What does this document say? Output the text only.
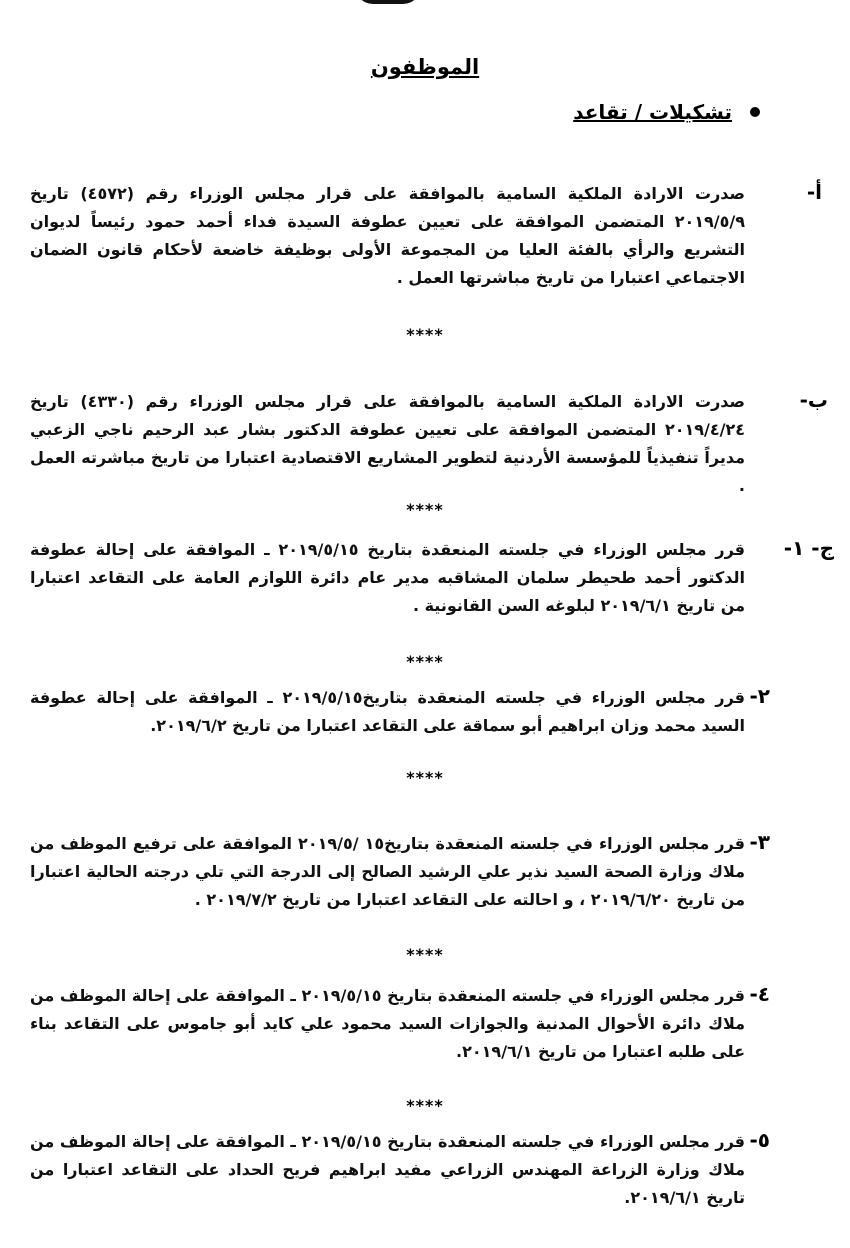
الموظفون
تشكيلات / تقاعد
أ-
صدرت الارادة الملكية السامية بالموافقة على قرار مجلس الوزراء رقم (٤٥٧٢) تاريخ ٢٠١٩/٥/٩ المتضمن الموافقة على تعيين عطوفة السيدة فداء أحمد حمود رئيساً لديوان التشريع والرأي بالفئة العليا من المجموعة الأولى بوظيفة خاضعة لأحكام قانون الضمان الاجتماعي اعتبارا من تاريخ مباشرتها العمل .
****
ب-
صدرت الارادة الملكية السامية بالموافقة على قرار مجلس الوزراء رقم (٤٣٣٠) تاريخ ٢٠١٩/٤/٢٤ المتضمن الموافقة على تعيين عطوفة الدكتور بشار عبد الرحيم ناجي الزعبي مديراً تنفيذياً للمؤسسة الأردنية لتطوير المشاريع الاقتصادية اعتبارا من تاريخ مباشرته العمل .
****
ج- ١-
قرر مجلس الوزراء في جلسته المنعقدة بتاريخ ٢٠١٩/٥/١٥ ـ الموافقة على إحالة عطوفة الدكتور أحمد طحيطر سلمان المشاقبه مدير عام دائرة اللوازم العامة على التقاعد اعتبارا من تاريخ ٢٠١٩/٦/١ لبلوغه السن القانونية .
****
٢-
قرر مجلس الوزراء في جلسته المنعقدة بتاريخ٢٠١٩/٥/١٥ ـ الموافقة على إحالة عطوفة السيد محمد وزان ابراهيم أبو سماقة على التقاعد اعتبارا من تاريخ ٢٠١٩/٦/٢.
****
٣-
قرر مجلس الوزراء في جلسته المنعقدة بتاريخ١٥ /٢٠١٩/٥ الموافقة على ترفيع الموظف من ملاك وزارة الصحة السيد نذير علي الرشيد الصالح إلى الدرجة التي تلي درجته الحالية اعتبارا من تاريخ ٢٠١٩/٦/٢٠ ، و احالته على التقاعد اعتبارا من تاريخ ٢٠١٩/٧/٢ .
****
٤-
قرر مجلس الوزراء في جلسته المنعقدة بتاريخ ٢٠١٩/٥/١٥ ـ الموافقة على إحالة الموظف من ملاك دائرة الأحوال المدنية والجوازات السيد محمود علي كايد أبو جاموس على التقاعد بناء على طلبه اعتبارا من تاريخ ٢٠١٩/٦/١.
****
٥-
قرر مجلس الوزراء في جلسته المنعقدة بتاريخ ٢٠١٩/٥/١٥ ـ الموافقة على إحالة الموظف من ملاك وزارة الزراعة المهندس الزراعي مفيد ابراهيم فريح الحداد على التقاعد اعتبارا من تاريخ ٢٠١٩/٦/١.
